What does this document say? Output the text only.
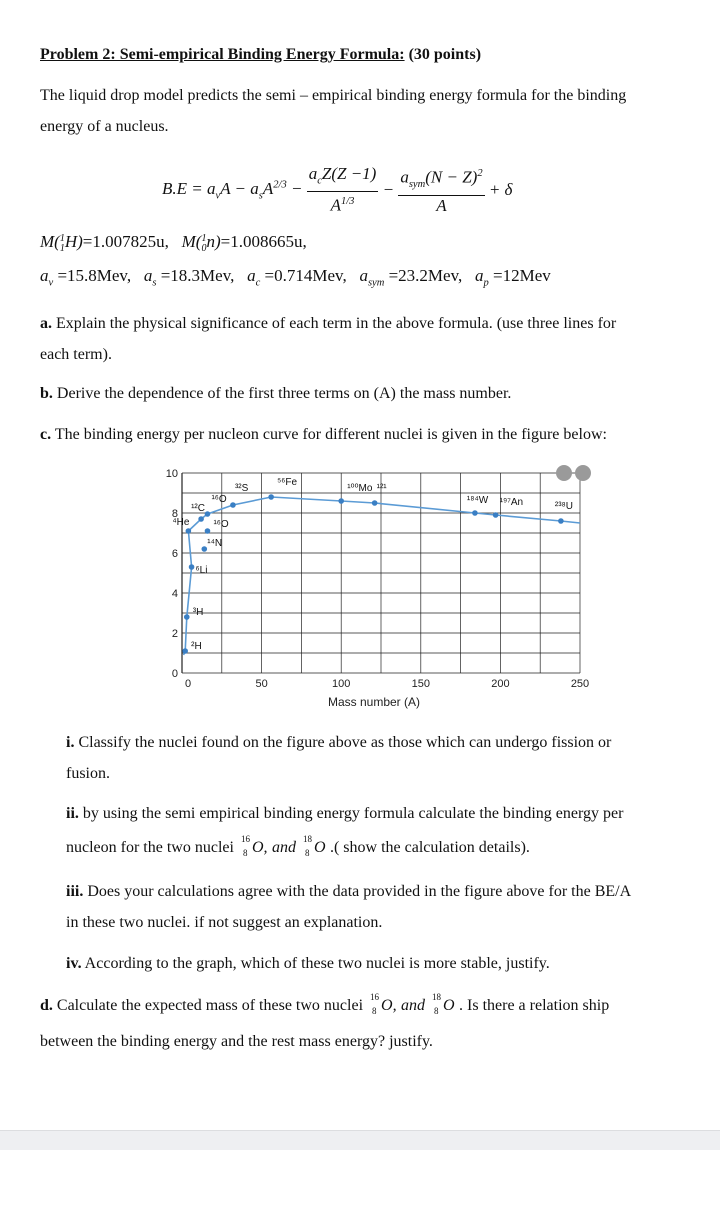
Problem 2: Semi-empirical Binding Energy Formula: (30 points)
The liquid drop model predicts the semi – empirical binding energy formula for the binding
energy of a nucleus.
$B.E = a_vA - a_sA^{2/3} - \frac{a_cZ(Z -1)}{A^{1/3}} - \frac{a_{sym}(N - Z)^2}{A} + \delta$
M($^1_1$H)=1.007825u,   M($^1_0$n)=1.008665u,
$a_v =15.8Mev$,   $a_s =18.3Mev$,   $a_c =0.714Mev$,   $a_{sym} =23.2Mev$,   $a_p =12Mev$
a. Explain the physical significance of each term in the above formula. (use three lines for
each term).
b. Derive the dependence of the first three terms on (A) the mass number.
c. The binding energy per nucleon curve for different nuclei is given in the figure below:
0	50	100	150	200	250
0
2
4
6
8
10
²H
³H
⁶Li
⁴He
¹⁴N
¹⁶O
¹²C
¹⁶O
³²S
⁵⁶Fe
¹⁰⁰Mo ¹²¹
¹⁸⁴W ¹⁹⁷An	²³⁸U
Mass number (A)
i. Classify the nuclei found on the figure above as those which can undergo fission or
fusion.
ii. by using the semi empirical binding energy formula calculate the binding energy per
nucleon for the two nuclei 16
8 O, and 18
8 O .( show the calculation details).
iii. Does your calculations agree with the data provided in the figure above for the BE/A
in these two nuclei. if not suggest an explanation.
iv. According to the graph, which of these two nuclei is more stable, justify.
d. Calculate the expected mass of these two nuclei 16
8 O, and 18
8 O . Is there a relation ship
between the binding energy and the rest mass energy? justify.
